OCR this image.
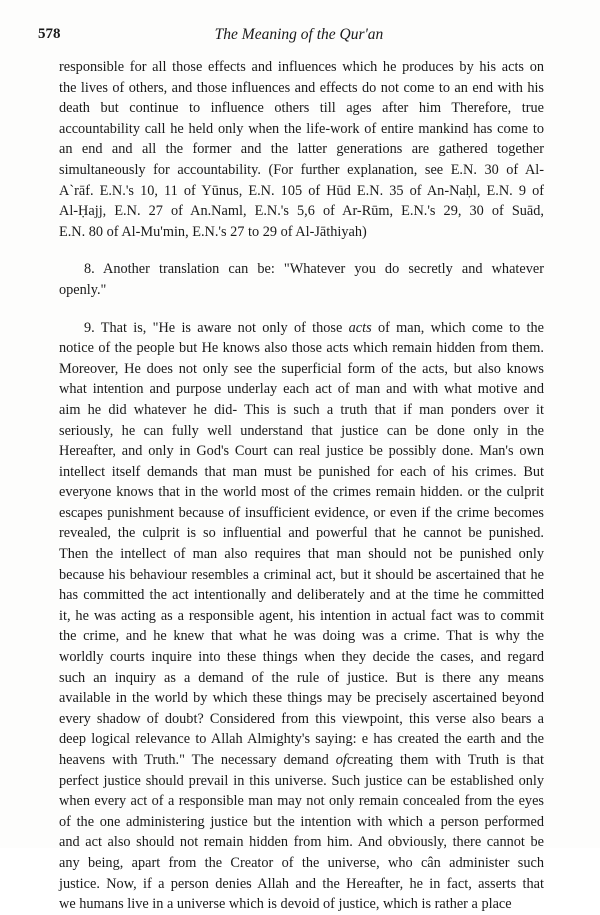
578	The Meaning of the Qur'an
responsible for all those effects and influences which he produces by his acts on
the lives of others, and those influences and effects do not come to an end with his
death but continue to influence others till ages after him Therefore, true
accountability call he held only when the life-work of entire mankind has come to
an end and all the former and the latter generations are gathered together
simultaneously for accountability. (For further explanation, see E.N. 30 of Al-
A`rāf. E.N.'s 10, 11 of Yūnus, E.N. 105 of Hūd E.N. 35 of An-Naḥl, E.N. 9 of
Al-Ḥajj, E.N. 27 of An.Naml, E.N.'s 5,6 of Ar-Rūm, E.N.'s 29, 30 of Suād,
E.N. 80 of Al-Mu'min, E.N.'s 27 to 29 of Al-Jāthiyah)
8. Another translation can be: "Whatever you do secretly and whatever
openly."
9. That is, "He is aware not only of those acts of man, which come to the
notice of the people but He knows also those acts which remain hidden from them.
Moreover, He does not only see the superficial form of the acts, but also knows
what intention and purpose underlay each act of man and with what motive and
aim he did whatever he did- This is such a truth that if man ponders over it
seriously, he can fully well understand that justice can be done only in the
Hereafter, and only in God's Court can real justice be possibly done. Man's own
intellect itself demands that man must be punished for each of his crimes. But
everyone knows that in the world most of the crimes remain hidden. or the culprit
escapes punishment because of insufficient evidence, or even if the crime becomes
revealed, the culprit is so influential and powerful that he cannot be punished.
Then the intellect of man also requires that man should not be punished only
because his behaviour resembles a criminal act, but it should be ascertained that he
has committed the act intentionally and deliberately and at the time he committed
it, he was acting as a responsible agent, his intention in actual fact was to commit
the crime, and he knew that what he was doing was a crime. That is why the
worldly courts inquire into these things when they decide the cases, and regard
such an inquiry as a demand of the rule of justice. But is there any means
available in the world by which these things may be precisely ascertained beyond
every shadow of doubt? Considered from this viewpoint, this verse also bears a
deep logical relevance to Allah Almighty's saying: e has created the earth and the
heavens with Truth." The necessary demand ofcreating them with Truth is that
perfect justice should prevail in this universe. Such justice can be established only
when every act of a responsible man may not only remain concealed from the eyes
of the one administering justice but the intention with which a person performed
and act also should not remain hidden from him. And obviously, there cannot be
any being, apart from the Creator of the universe, who cân administer such
justice. Now, if a person denies Allah and the Hereafter, he in fact, asserts that
we humans live in a universe which is devoid of justice, which is rather a place
